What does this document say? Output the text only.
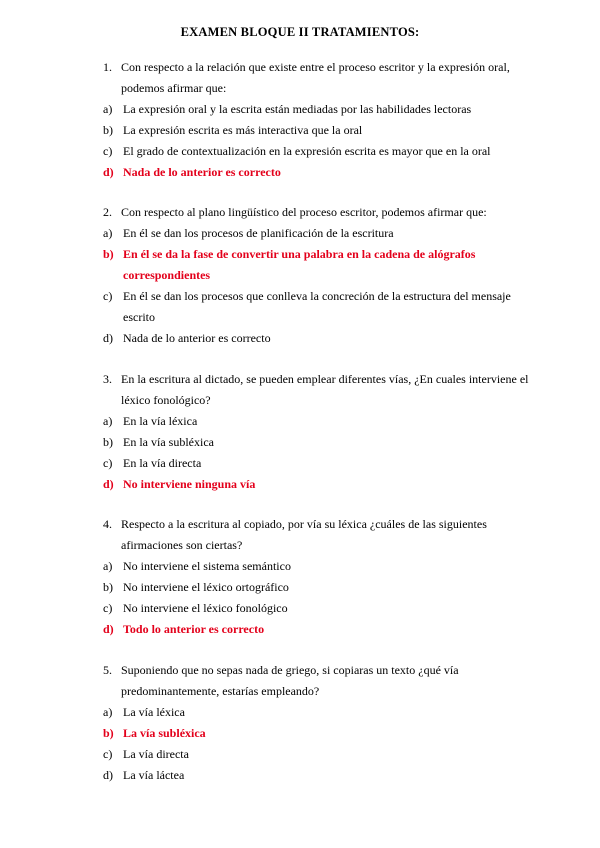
EXAMEN BLOQUE II TRATAMIENTOS:
1. Con respecto a la relación que existe entre el proceso escritor y la expresión oral, podemos afirmar que:
a) La expresión oral y la escrita están mediadas por las habilidades lectoras
b) La expresión escrita es más interactiva que la oral
c) El grado de contextualización en la expresión escrita es mayor que en la oral
d) Nada de lo anterior es correcto
2. Con respecto al plano lingüístico del proceso escritor, podemos afirmar que:
a) En él se dan los procesos de planificación de la escritura
b) En él se da la fase de convertir una palabra en la cadena de alógrafos correspondientes
c) En él se dan los procesos que conlleva la concreción de la estructura del mensaje escrito
d) Nada de lo anterior es correcto
3. En la escritura al dictado, se pueden emplear diferentes vías, ¿En cuales interviene el léxico fonológico?
a) En la vía léxica
b) En la vía subléxica
c) En la vía directa
d) No interviene ninguna vía
4. Respecto a la escritura al copiado, por vía su léxica ¿cuáles de las siguientes afirmaciones son ciertas?
a) No interviene el sistema semántico
b) No interviene el léxico ortográfico
c) No interviene el léxico fonológico
d) Todo lo anterior es correcto
5. Suponiendo que no sepas nada de griego, si copiaras un texto ¿qué vía predominantemente, estarías empleando?
a) La vía léxica
b) La vía subléxica
c) La vía directa
d) La vía láctea
